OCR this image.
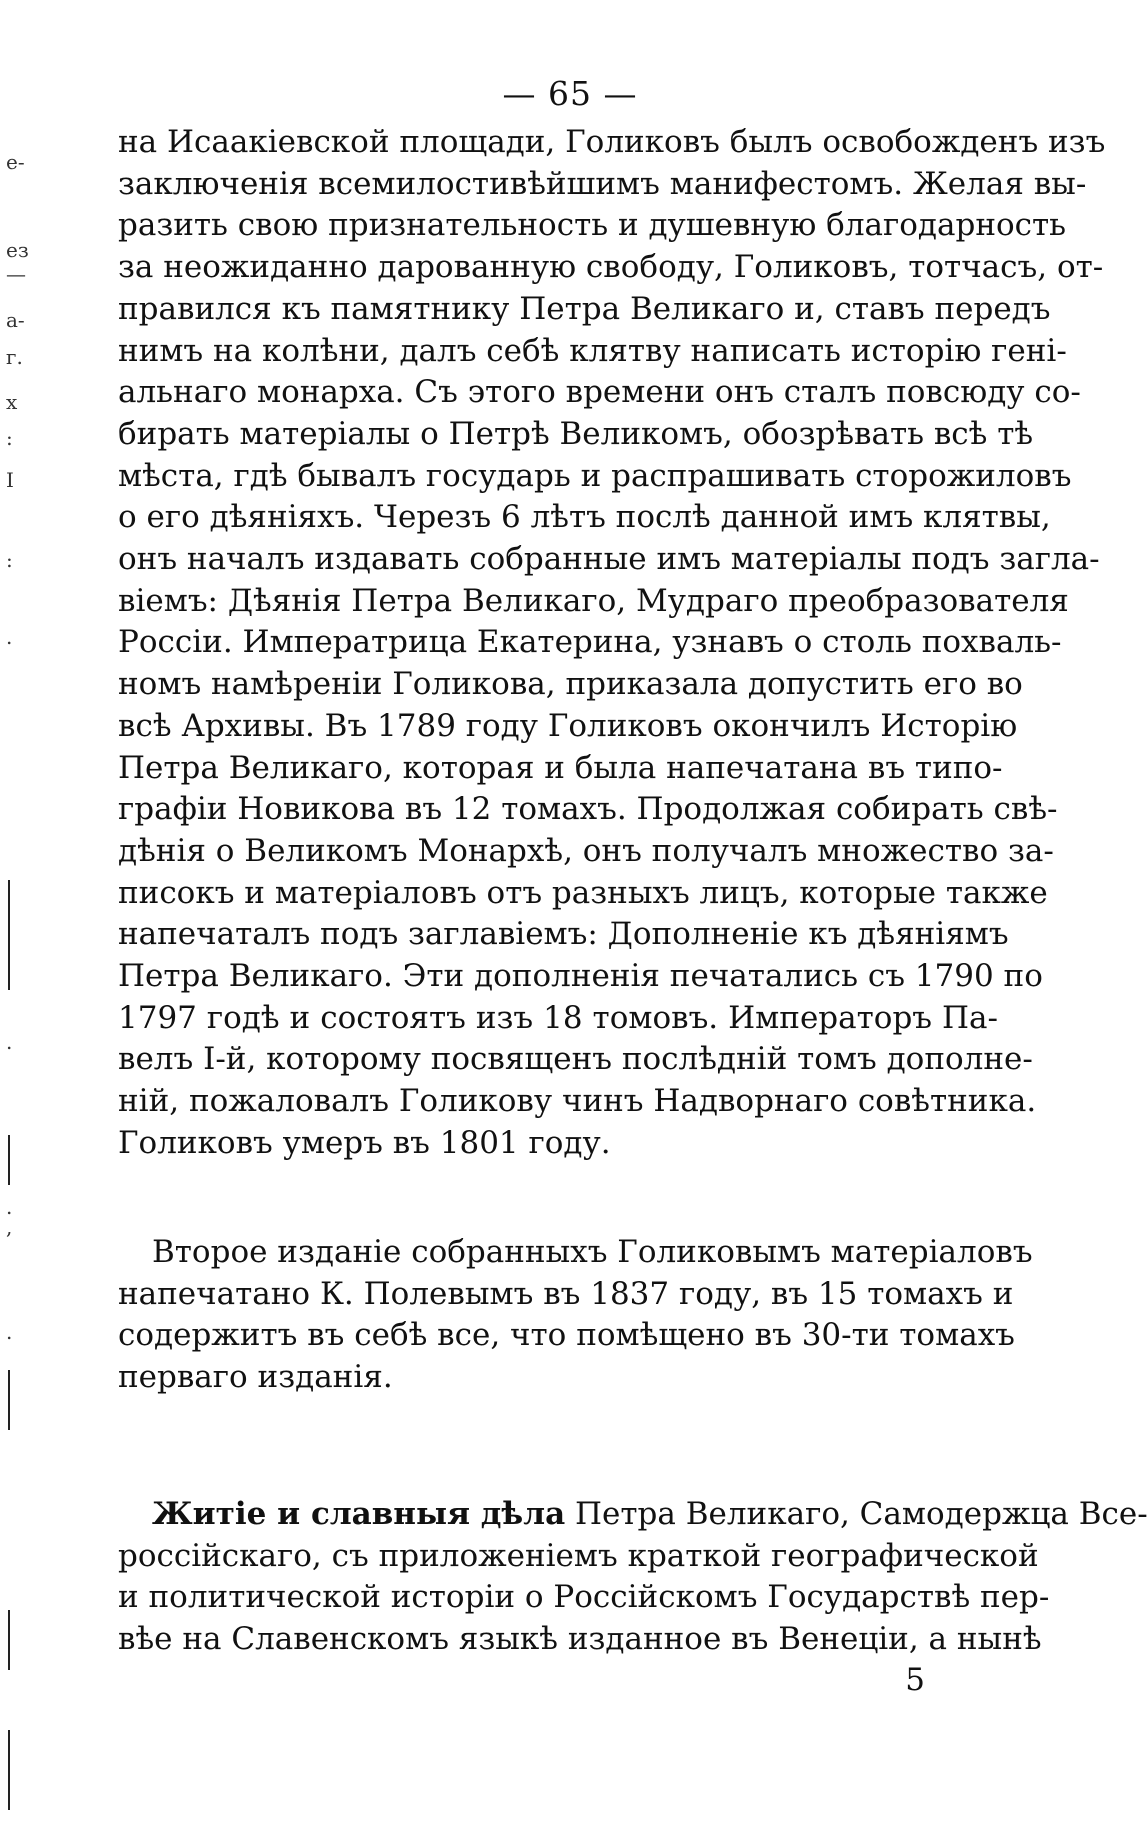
е-
ез
—
а-
г.
х
:
I
:
.
.
.
,
.
— 65 —
на Исаакіевской площади, Голиковъ былъ освобожденъ изъ
заключенія всемилостивѣйшимъ манифестомъ. Желая вы-
разить свою признательность и душевную благодарность
за неожиданно дарованную свободу, Голиковъ, тотчасъ, от-
правился къ памятнику Петра Великаго и, ставъ передъ
нимъ на колѣни, далъ себѣ клятву написать исторію гені-
альнаго монарха. Съ этого времени онъ сталъ повсюду со-
бирать матеріалы о Петрѣ Великомъ, обозрѣвать всѣ тѣ
мѣста, гдѣ бывалъ государь и распрашивать сторожиловъ
о его дѣяніяхъ. Черезъ 6 лѣтъ послѣ данной имъ клятвы,
онъ началъ издавать собранные имъ матеріалы подъ загла-
віемъ: Дѣянія Петра Великаго, Мудраго преобразователя
Россіи. Императрица Екатерина, узнавъ о столь похваль-
номъ намѣреніи Голикова, приказала допустить его во
всѣ Архивы. Въ 1789 году Голиковъ окончилъ Исторію
Петра Великаго, которая и была напечатана въ типо-
графіи Новикова въ 12 томахъ. Продолжая собирать свѣ-
дѣнія о Великомъ Монархѣ, онъ получалъ множество за-
писокъ и матеріаловъ отъ разныхъ лицъ, которые также
напечаталъ подъ заглавіемъ: Дополненіе къ дѣяніямъ
Петра Великаго. Эти дополненія печатались съ 1790 по
1797 годѣ и состоятъ изъ 18 томовъ. Императоръ Па-
велъ I-й, которому посвященъ послѣдній томъ дополне-
ній, пожаловалъ Голикову чинъ Надворнаго совѣтника.
Голиковъ умеръ въ 1801 году.
Второе изданіе собранныхъ Голиковымъ матеріаловъ
напечатано К. Полевымъ въ 1837 году, въ 15 томахъ и
содержитъ въ себѣ все, что помѣщено въ 30-ти томахъ
перваго изданія.
Житіе и славныя дѣла Петра Великаго, Самодержца Все-
россійскаго, съ приложеніемъ краткой географической
и политической исторіи о Россійскомъ Государствѣ пер-
вѣе на Славенскомъ языкѣ изданное въ Венеціи, а нынѣ
5
